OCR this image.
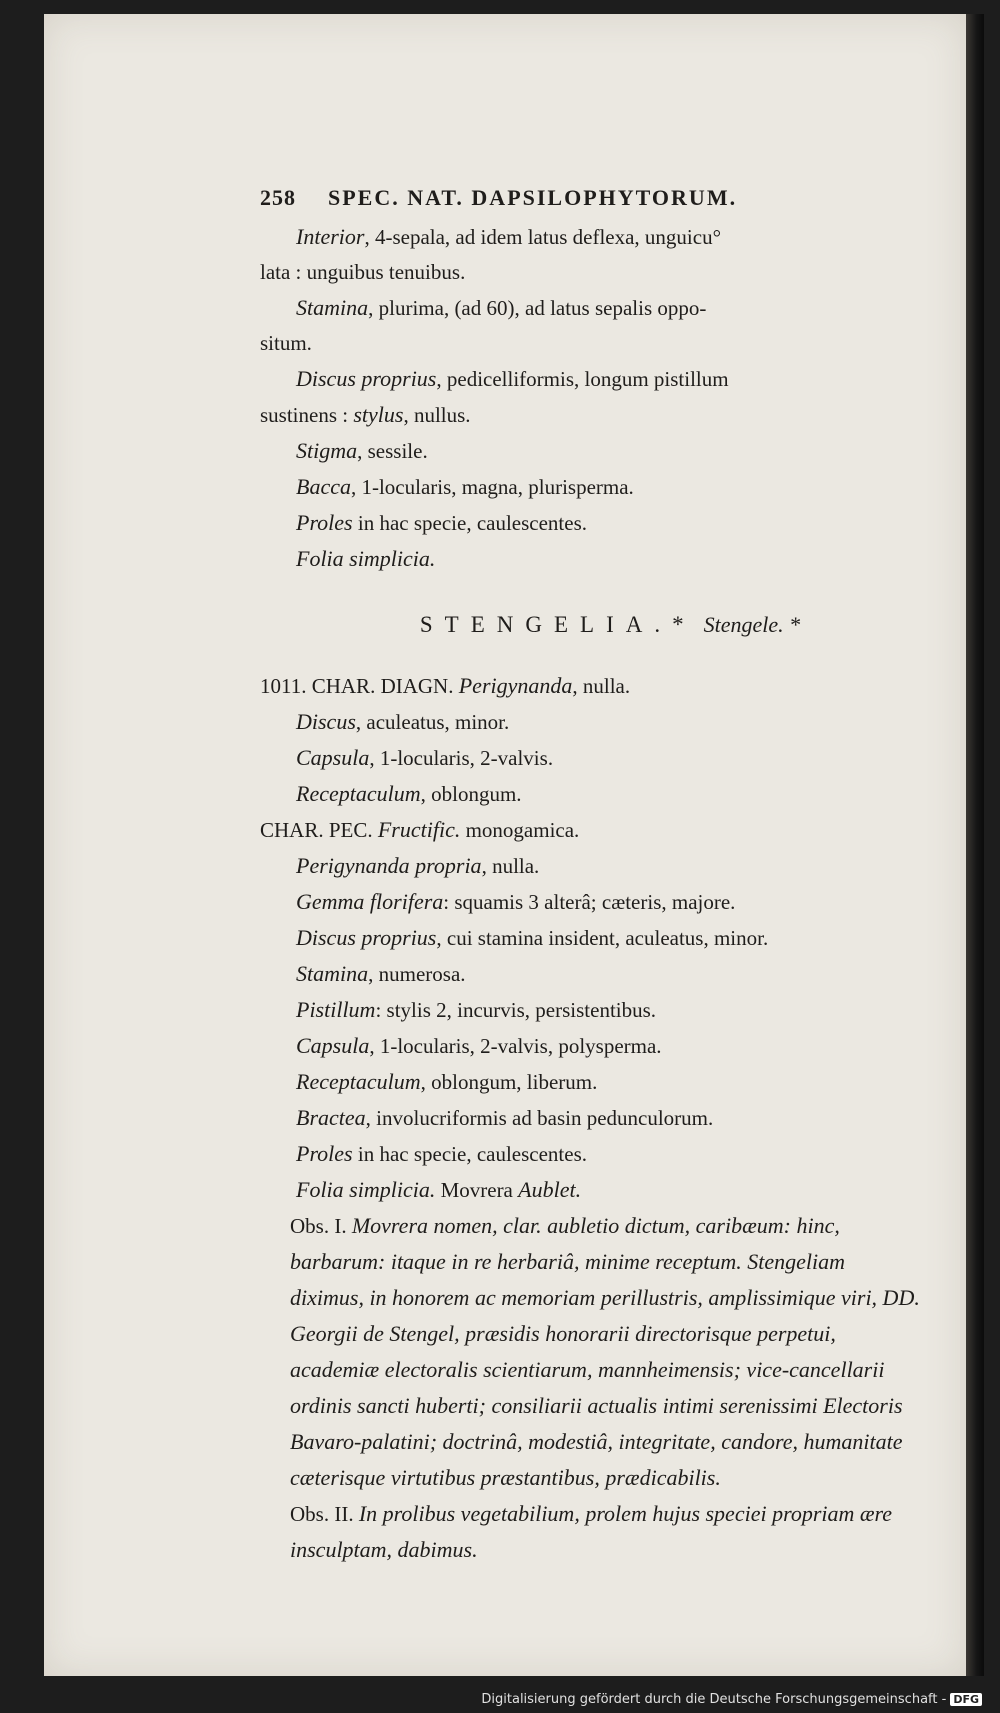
258 SPEC. NAT. DAPSILOPHYTORUM.
Interior, 4-sepala, ad idem latus deflexa, unguicu°
lata : unguibus tenuibus.
Stamina, plurima, (ad 60), ad latus sepalis oppo-
situm.
Discus proprius, pedicelliformis, longum pistillum
sustinens : stylus, nullus.
Stigma, sessile.
Bacca, 1-locularis, magna, plurisperma.
Proles in hac specie, caulescentes.
Folia simplicia.
STENGELIA.* Stengele. *
1011. CHAR. DIAGN. Perigynanda, nulla.
Discus, aculeatus, minor.
Capsula, 1-locularis, 2-valvis.
Receptaculum, oblongum.
CHAR. PEC. Fructific. monogamica.
Perigynanda propria, nulla.
Gemma florifera: squamis 3 alterâ; cæteris, majore.
Discus proprius, cui stamina insident, aculeatus, minor.
Stamina, numerosa.
Pistillum: stylis 2, incurvis, persistentibus.
Capsula, 1-locularis, 2-valvis, polysperma.
Receptaculum, oblongum, liberum.
Bractea, involucriformis ad basin pedunculorum.
Proles in hac specie, caulescentes.
Folia simplicia. Movrera Aublet.
Obs. I. Movrera nomen, clar. aubletio dictum, caribæum: hinc, barbarum: itaque in re herbariâ, minime receptum. Stengeliam diximus, in honorem ac memoriam perillustris, amplissimique viri, DD. Georgii de Stengel, præsidis honorarii directorisque perpetui, academiæ electoralis scientiarum, mannheimensis; vice-cancellarii ordinis sancti huberti; consiliarii actualis intimi serenissimi Electoris Bavaro-palatini; doctrinâ, modestiâ, integritate, candore, humanitate cæterisque virtutibus præstantibus, prædicabilis.
Obs. II. In prolibus vegetabilium, prolem hujus speciei propriam ære insculptam, dabimus.
Digitalisierung gefördert durch die Deutsche Forschungsgemeinschaft - DFG
